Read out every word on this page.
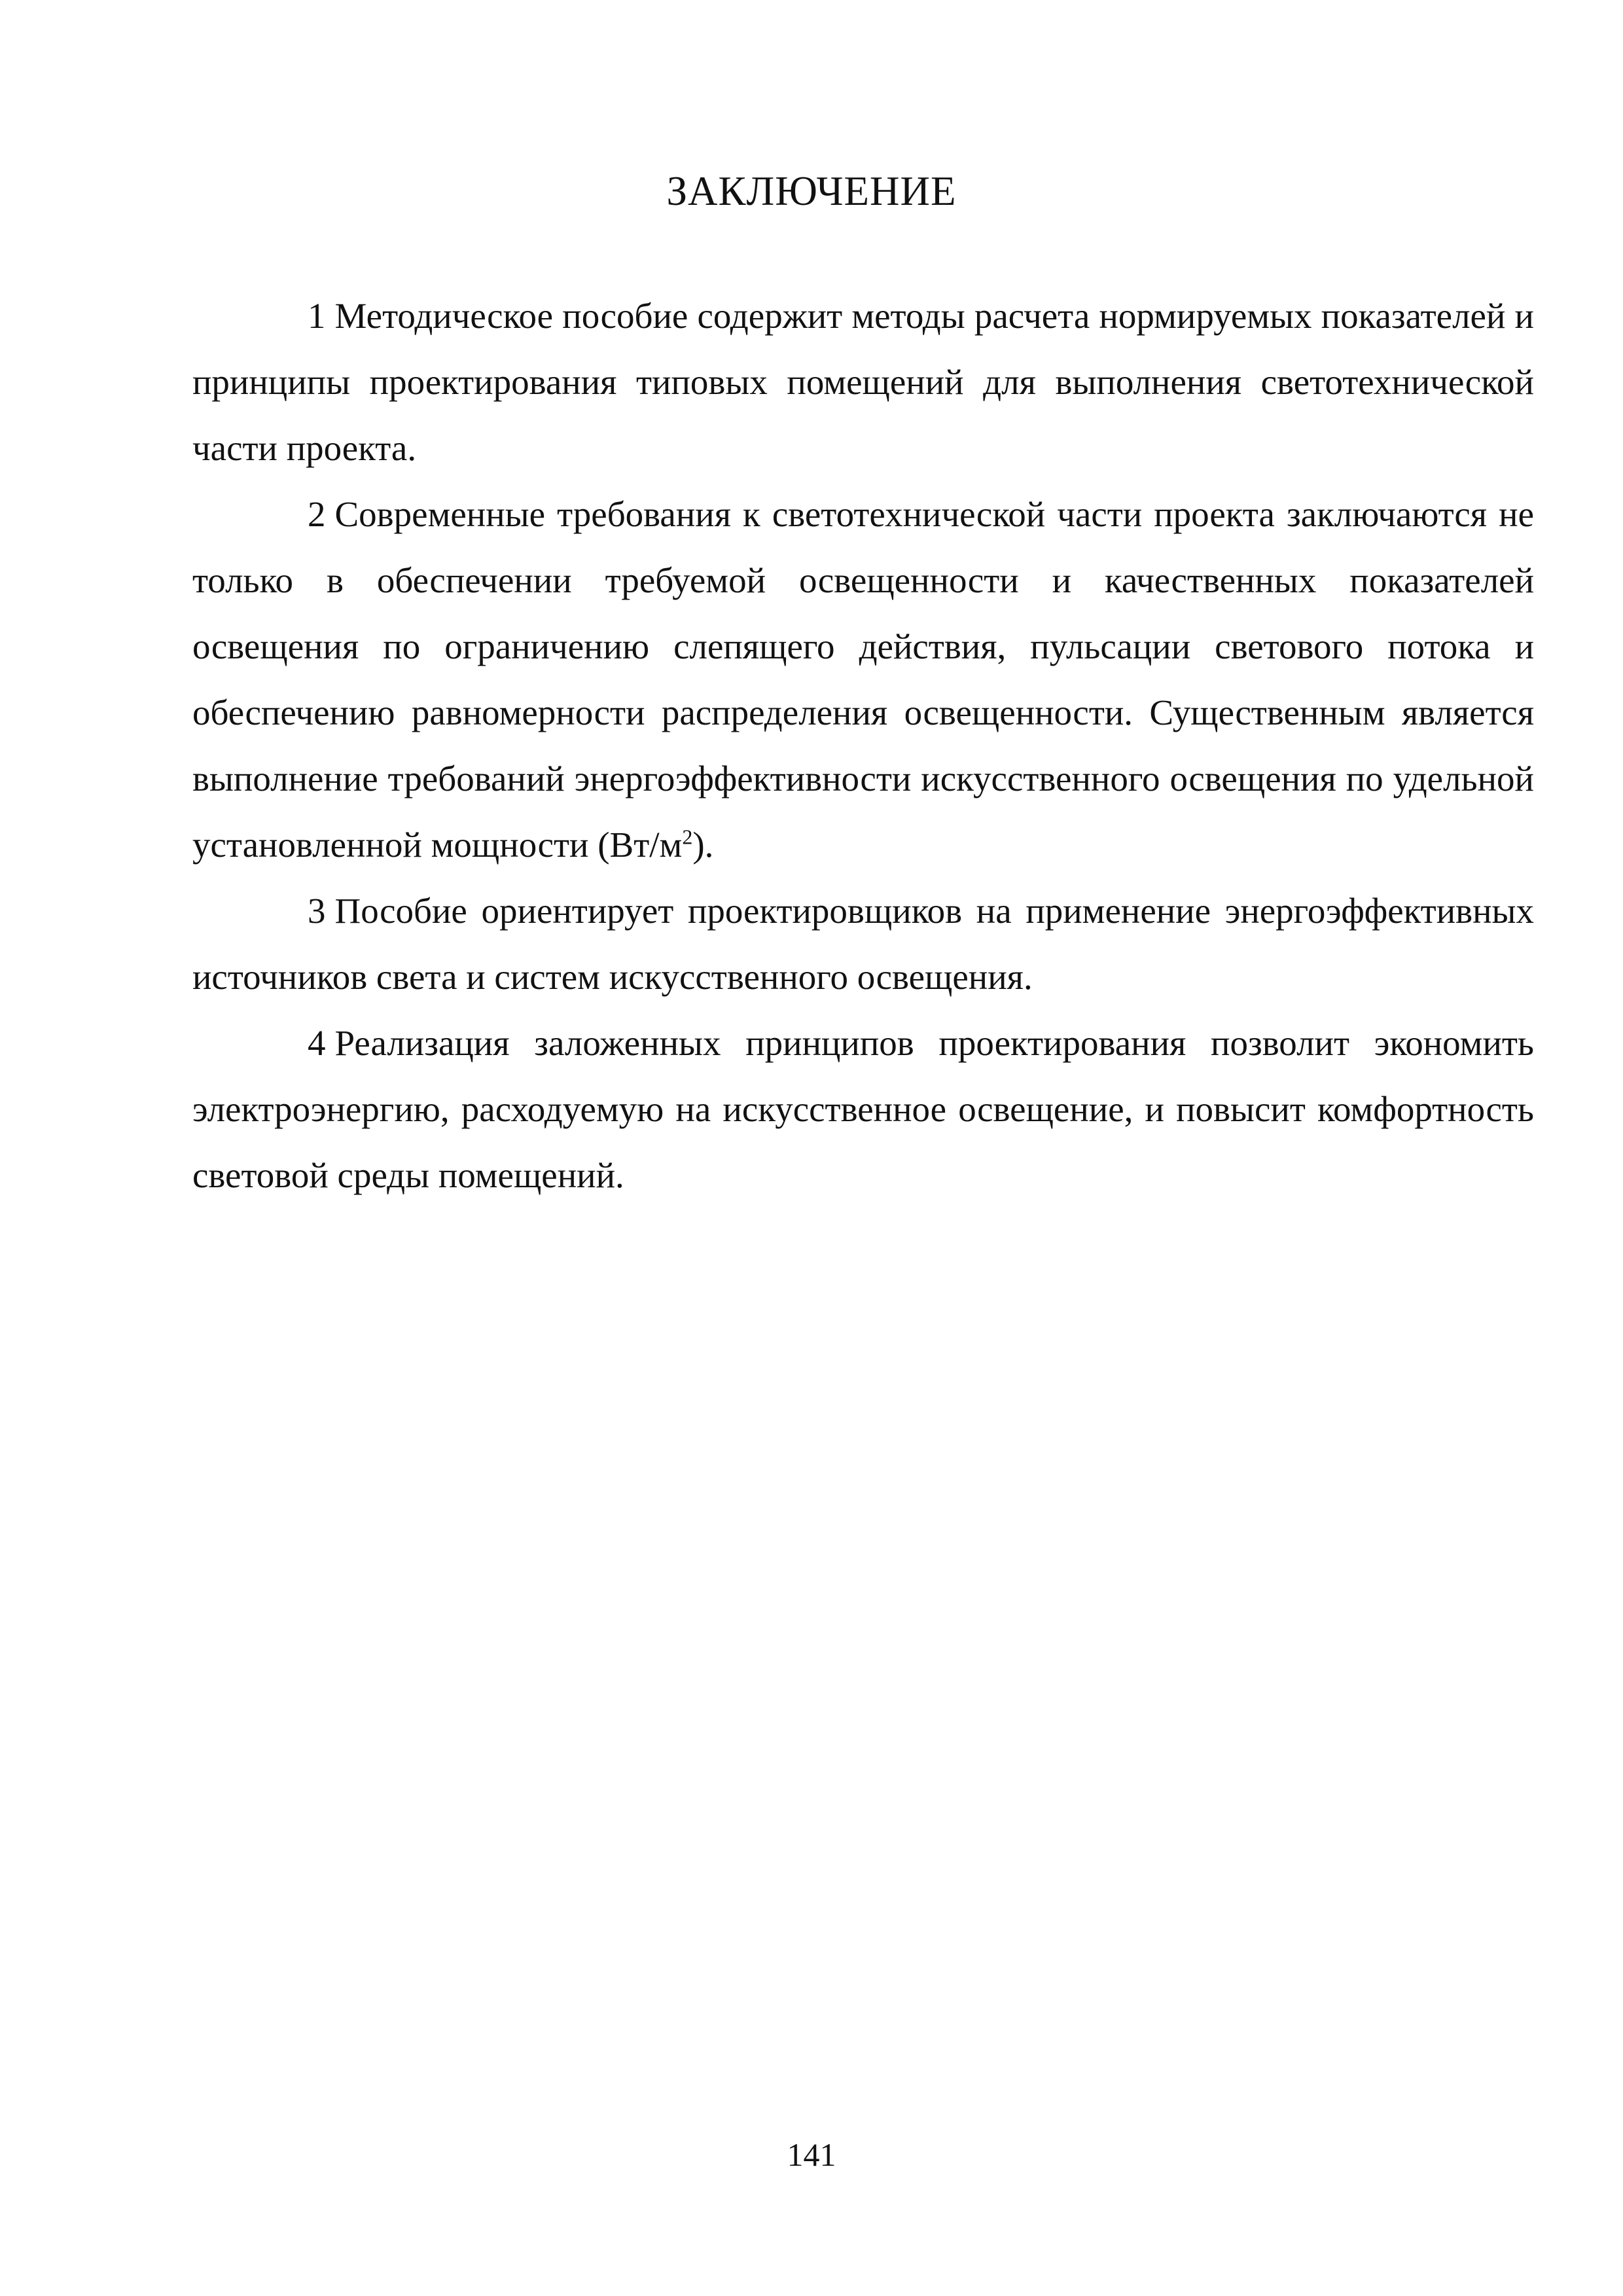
ЗАКЛЮЧЕНИЕ

1 Методическое пособие содержит методы расчета нормируемых показателей и принципы проектирования типовых помещений для выполнения светотехнической части проекта.

2 Современные требования к светотехнической части проекта заключаются не только в обеспечении требуемой освещенности и качественных показателей освещения по ограничению слепящего действия, пульсации светового потока и обеспечению равномерности распределения освещенности. Существенным является выполнение требований энергоэффективности искусственного освещения по удельной установленной мощности $(Вт/м^2)$.

3 Пособие ориентирует проектировщиков на применение энергоэффективных источников света и систем искусственного освещения.

4 Реализация заложенных принципов проектирования позволит экономить электроэнергию, расходуемую на искусственное освещение, и повысит комфортность световой среды помещений.

141
